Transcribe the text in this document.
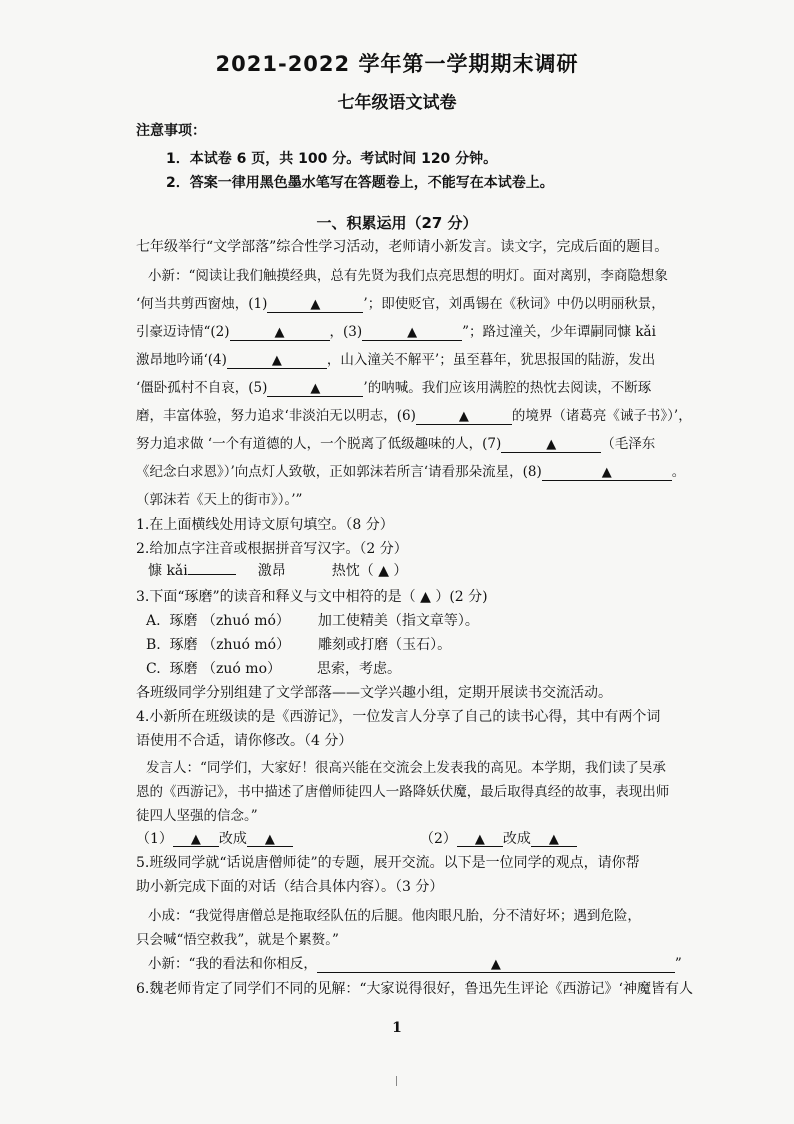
2021-2022 学年第一学期期末调研
七年级语文试卷
注意事项：
1．本试卷 6 页，共 100 分。考试时间 120 分钟。
2．答案一律用黑色墨水笔写在答题卷上，不能写在本试卷上。
一、积累运用（27 分）
七年级举行“文学部落”综合性学习活动，老师请小新发言。读文字，完成后面的题目。
小新：“阅读让我们触摸经典，总有先贤为我们点亮思想的明灯。面对离别，李商隐想象
‘何当共剪西窗烛，(1)	▲	’；即使贬官，刘禹锡在《秋词》中仍以明丽秋景，
引豪迈诗情“(2)	▲	，(3)	▲	”；路过潼关，少年谭嗣同慷 kǎi
激昂地吟诵‘(4)	▲	，山入潼关不解平’；虽至暮年，犹思报国的陆游，发出
‘僵卧孤村不自哀，(5)	▲	’的呐喊。我们应该用满腔的热忱去阅读，不断琢
磨，丰富体验，努力追求‘非淡泊无以明志，(6)	▲	的境界（诸葛亮《诫子书》）’，
努力追求做 ‘一个有道德的人，一个脱离了低级趣味的人，(7)	▲	（毛泽东
《纪念白求恩》）’向点灯人致敬，正如郭沫若所言‘请看那朵流星，(8)	▲	。
（郭沫若《天上的街市》）。’”
1.在上面横线处用诗文原句填空。（8 分）
2.给加点字注音或根据拼音写汉字。（2 分）
慷 kǎi	激昂	热忱（ ▲ ）
3.下面“琢磨”的读音和释义与文中相符的是（ ▲ ）(2 分)
A. 琢磨 （zhuó mó） 加工使精美（指文章等）。
B. 琢磨 （zhuó mó） 雕刻或打磨（玉石）。
C. 琢磨 （zuó mo）	思索，考虑。
各班级同学分别组建了文学部落——文学兴趣小组，定期开展读书交流活动。
4.小新所在班级读的是《西游记》，一位发言人分享了自己的读书心得，其中有两个词
语使用不合适，请你修改。（4 分）
发言人：“同学们，大家好！很高兴能在交流会上发表我的高见。本学期，我们读了吴承
恩的《西游记》，书中描述了唐僧师徒四人一路降妖伏魔，最后取得真经的故事，表现出师
徒四人坚强的信念。”
（1） ▲ 改成 ▲	（2） ▲ 改成 ▲
5.班级同学就“话说唐僧师徒”的专题，展开交流。以下是一位同学的观点，请你帮
助小新完成下面的对话（结合具体内容）。（3 分）
小成：“我觉得唐僧总是拖取经队伍的后腿。他肉眼凡胎，分不清好坏；遇到危险，
只会喊“悟空救我”，就是个累赘。”
小新：“我的看法和你相反，	▲	”
6.魏老师肯定了同学们不同的见解：“大家说得很好，鲁迅先生评论《西游记》‘神魔皆有人
1
